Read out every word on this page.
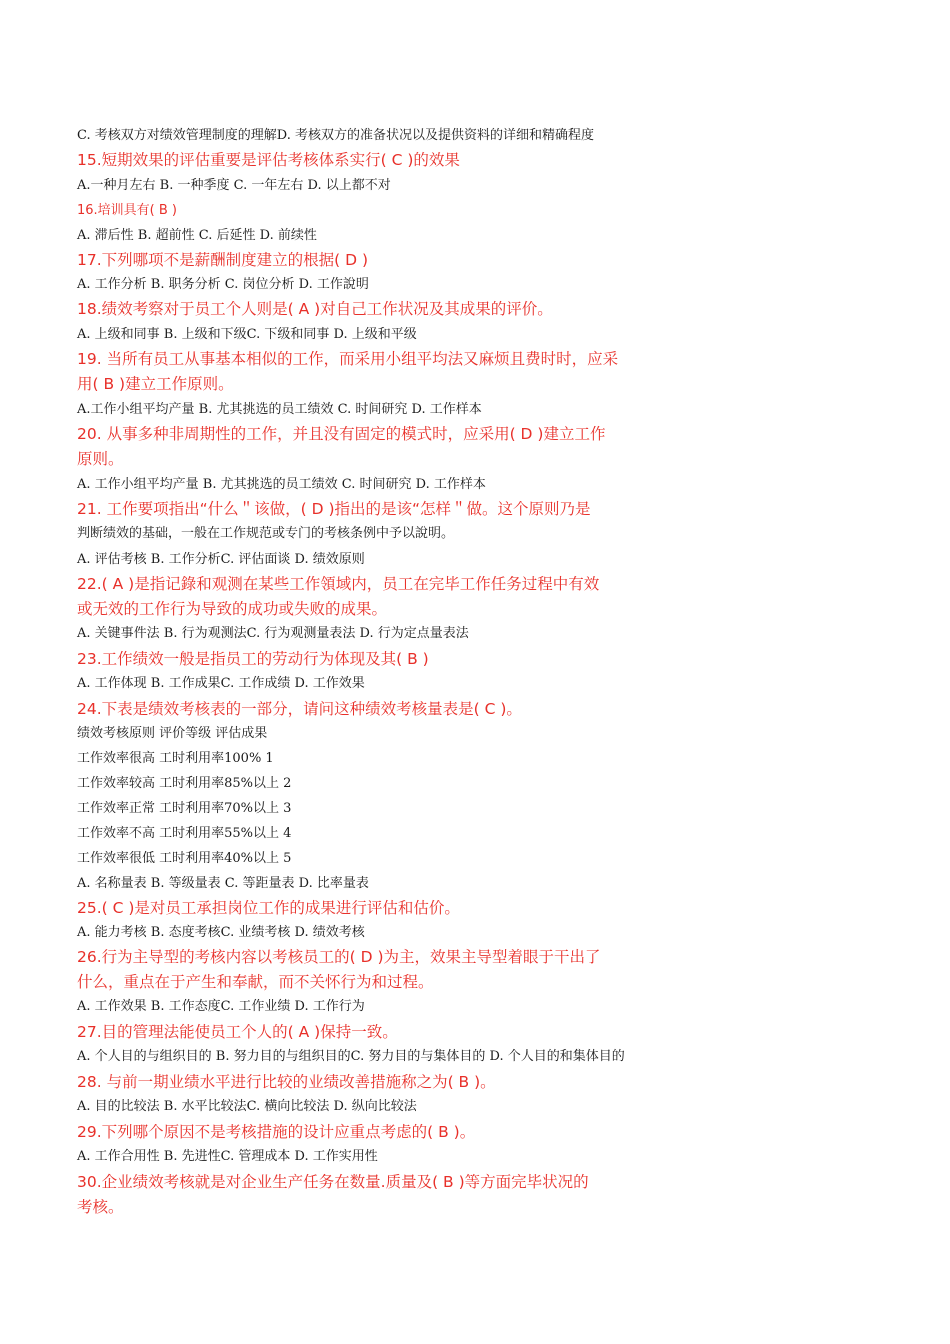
C. 考核双方对绩效管理制度的理解D. 考核双方的准备状况以及提供资料的详细和精确程度
15.短期效果的评估重要是评估考核体系实行( C )的效果
A.一种月左右 B. 一种季度 C. 一年左右 D. 以上都不对
16.培训具有( B )
A. 滞后性 B. 超前性 C. 后延性 D. 前续性
17.下列哪项不是薪酬制度建立的根据( D )
A. 工作分析 B. 职务分析 C. 岗位分析 D. 工作說明
18.绩效考察对于员工个人则是( A )对自己工作状况及其成果的评价。
A. 上级和同事 B. 上级和下级C. 下级和同事 D. 上级和平级
19. 当所有员工从事基本相似的工作，而采用小组平均法又麻烦且费时时，应采
用( B )建立工作原则。
A.工作小组平均产量 B. 尤其挑选的员工绩效 C. 时间研究 D. 工作样本
20. 从事多种非周期性的工作，并且没有固定的模式时，应采用( D )建立工作
原则。
A. 工作小组平均产量 B. 尤其挑选的员工绩效 C. 时间研究 D. 工作样本
21. 工作要项指出“什么＂该做，( D )指出的是该“怎样＂做。这个原则乃是
判断绩效的基础，一般在工作规范或专门的考核条例中予以說明。
A. 评估考核 B. 工作分析C. 评估面谈 D. 绩效原则
22.( A )是指记錄和观测在某些工作領域内，员工在完毕工作任务过程中有效
或无效的工作行为导致的成功或失败的成果。
A. 关键事件法 B. 行为观测法C. 行为观测量表法 D. 行为定点量表法
23.工作绩效一般是指员工的劳动行为体现及其( B )
A. 工作体现 B. 工作成果C. 工作成绩 D. 工作效果
24.下表是绩效考核表的一部分，请问这种绩效考核量表是( C )。
绩效考核原则 评价等级 评估成果
工作效率很高 工时利用率100% 1
工作效率较高 工时利用率85%以上 2
工作效率正常 工时利用率70%以上 3
工作效率不高 工时利用率55%以上 4
工作效率很低 工时利用率40%以上 5
A. 名称量表 B. 等级量表 C. 等距量表 D. 比率量表
25.( C )是对员工承担岗位工作的成果进行评估和估价。
A. 能力考核 B. 态度考核C. 业绩考核 D. 绩效考核
26.行为主导型的考核内容以考核员工的( D )为主，效果主导型着眼于干出了
什么，重点在于产生和奉献，而不关怀行为和过程。
A. 工作效果 B. 工作态度C. 工作业绩 D. 工作行为
27.目的管理法能使员工个人的( A )保持一致。
A. 个人目的与组织目的 B. 努力目的与组织目的C. 努力目的与集体目的 D. 个人目的和集体目的
28. 与前一期业绩水平进行比较的业绩改善措施称之为( B )。
A. 目的比较法 B. 水平比较法C. 横向比较法 D. 纵向比较法
29.下列哪个原因不是考核措施的设计应重点考虑的( B )。
A. 工作合用性 B. 先进性C. 管理成本 D. 工作实用性
30.企业绩效考核就是对企业生产任务在数量.质量及( B )等方面完毕状况的
考核。
